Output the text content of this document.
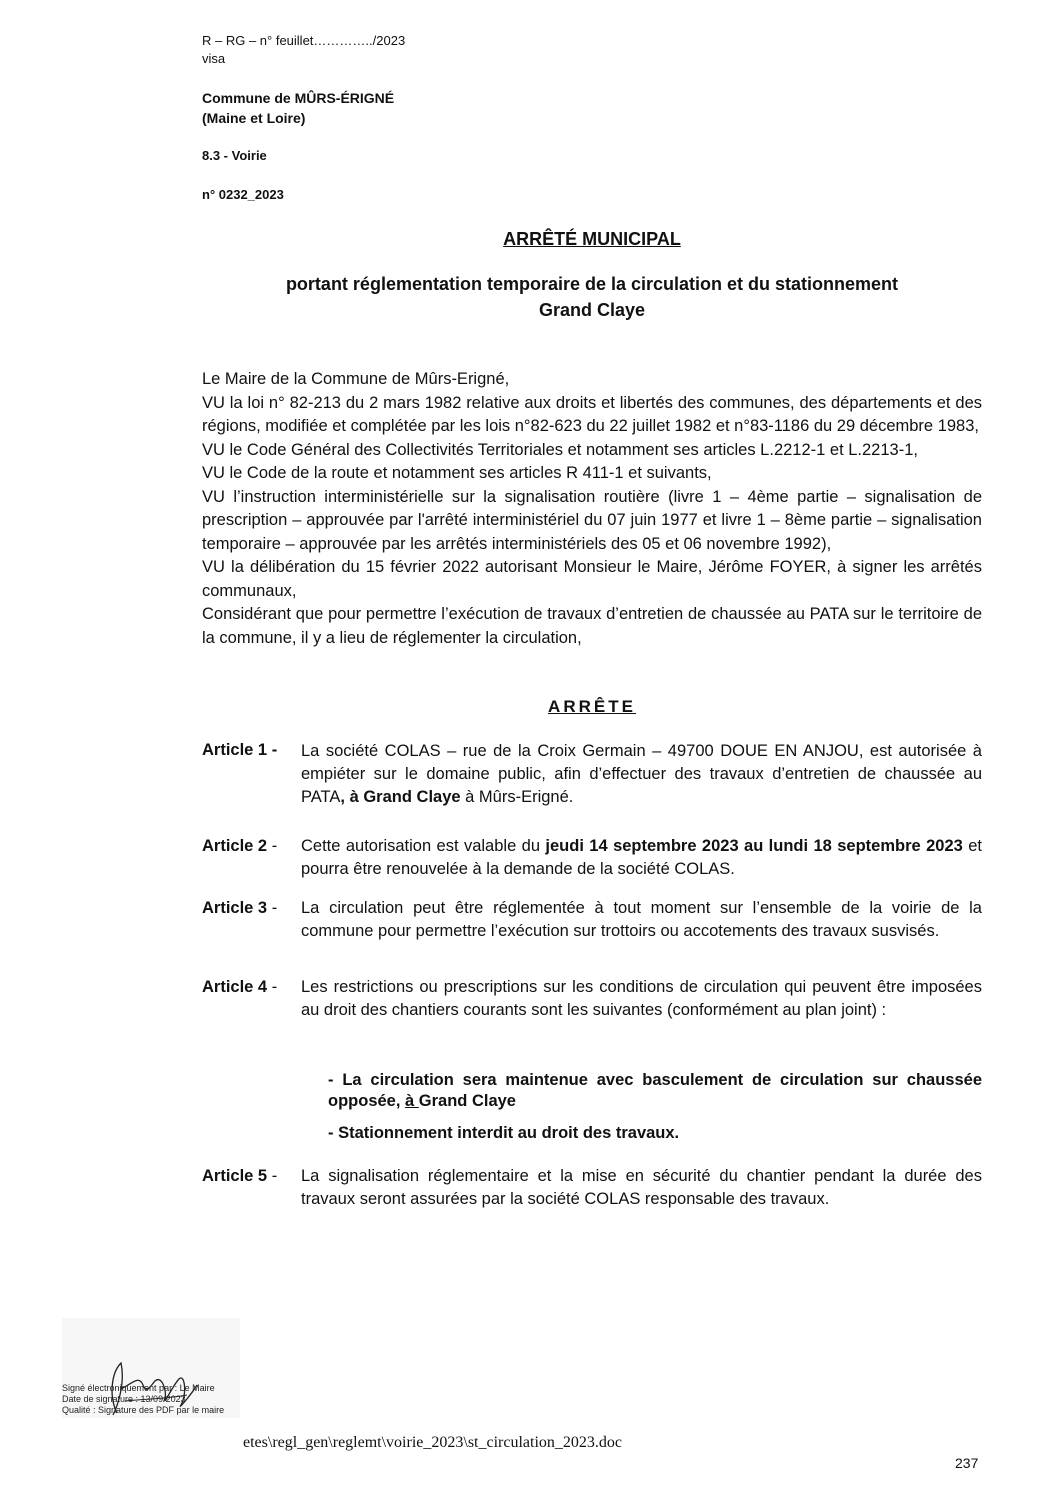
R – RG – n° feuillet…………../2023
visa
Commune de MÛRS-ÉRIGNÉ
(Maine et Loire)
8.3 - Voirie
n° 0232_2023
ARRÊTÉ MUNICIPAL
portant réglementation temporaire de la circulation et du stationnement
Grand Claye

Le Maire de la Commune de Mûrs-Erigné,

VU la loi n° 82-213 du 2 mars 1982 relative aux droits et libertés des communes, des départements et des régions, modifiée et complétée par les lois n°82-623 du 22 juillet 1982 et n°83-1186 du 29 décembre 1983,

VU le Code Général des Collectivités Territoriales et notamment ses articles L.2212-1 et L.2213-1,

VU le Code de la route et notamment ses articles R 411-1 et suivants,

VU l’instruction interministérielle sur la signalisation routière (livre 1 – 4ème partie – signalisation de prescription – approuvée par l'arrêté interministériel du 07 juin 1977 et livre 1 – 8ème partie – signalisation temporaire – approuvée par les arrêtés interministériels des 05 et 06 novembre 1992),

VU la délibération du 15 février 2022 autorisant Monsieur le Maire, Jérôme FOYER, à signer les arrêtés communaux,

Considérant que pour permettre l’exécution de travaux d’entretien de chaussée au PATA sur le territoire de la commune, il y a lieu de réglementer la circulation,

ARRÊTE
Article 1 -	La société COLAS – rue de la Croix Germain – 49700 DOUE EN ANJOU, est autorisée à empiéter sur le domaine public, afin d’effectuer des travaux d’entretien de chaussée au PATA, à Grand Claye à Mûrs-Erigné.
Article 2 -	Cette autorisation est valable du jeudi 14 septembre 2023 au lundi 18 septembre 2023 et pourra être renouvelée à la demande de la société COLAS.
Article 3 -	La circulation peut être réglementée à tout moment sur l’ensemble de la voirie de la commune pour permettre l’exécution sur trottoirs ou accotements des travaux susvisés.
Article 4 -	Les restrictions ou prescriptions sur les conditions de circulation qui peuvent être imposées au droit des chantiers courants sont les suivantes (conformément au plan joint) :
- La circulation sera maintenue avec basculement de circulation sur chaussée opposée, à Grand Claye
- Stationnement interdit au droit des travaux.
Article 5 -	La signalisation réglementaire et la mise en sécurité du chantier pendant la durée des travaux seront assurées par la société COLAS responsable des travaux.
Signé électroniquement par : Le Maire
Date de signature : 13/09/2023
Qualité : Signature des PDF par le maire
etes\regl_gen\reglemt\voirie_2023\st_circulation_2023.doc
237
